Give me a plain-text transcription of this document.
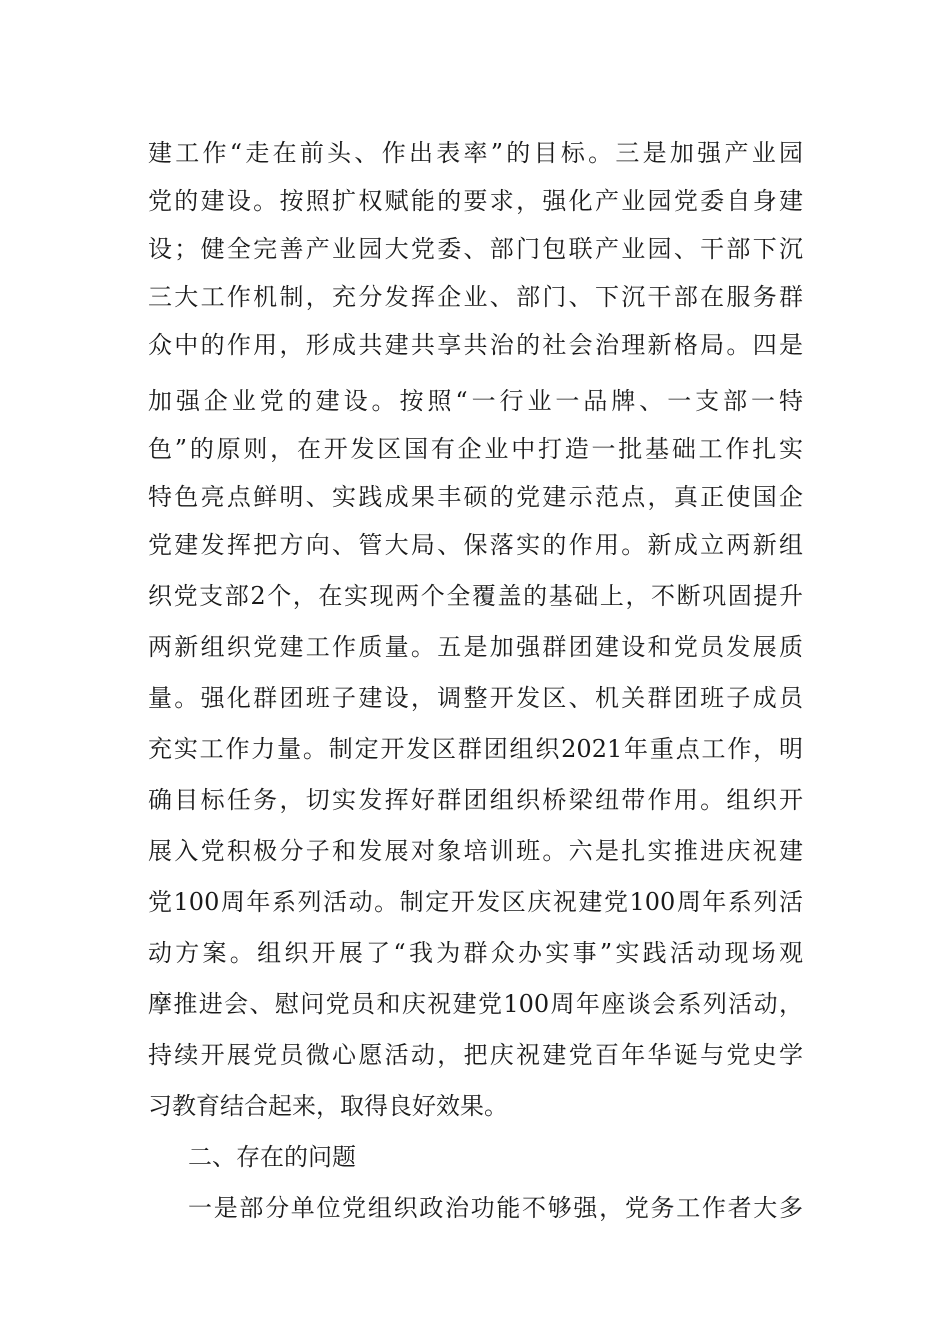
建工作“走在前头、作出表率”的目标。三是加强产业园
党的建设。按照扩权赋能的要求，强化产业园党委自身建
设；健全完善产业园大党委、部门包联产业园、干部下沉
三大工作机制，充分发挥企业、部门、下沉干部在服务群
众中的作用，形成共建共享共治的社会治理新格局。四是
加强企业党的建设。按照“一行业一品牌、一支部一特
色”的原则，在开发区国有企业中打造一批基础工作扎实
特色亮点鲜明、实践成果丰硕的党建示范点，真正使国企
党建发挥把方向、管大局、保落实的作用。新成立两新组
织党支部2个，在实现两个全覆盖的基础上，不断巩固提升
两新组织党建工作质量。五是加强群团建设和党员发展质
量。强化群团班子建设，调整开发区、机关群团班子成员
充实工作力量。制定开发区群团组织2021年重点工作，明
确目标任务，切实发挥好群团组织桥梁纽带作用。组织开
展入党积极分子和发展对象培训班。六是扎实推进庆祝建
党100周年系列活动。制定开发区庆祝建党100周年系列活
动方案。组织开展了“我为群众办实事”实践活动现场观
摩推进会、慰问党员和庆祝建党100周年座谈会系列活动，
持续开展党员微心愿活动，把庆祝建党百年华诞与党史学
习教育结合起来，取得良好效果。
二、存在的问题
一是部分单位党组织政治功能不够强，党务工作者大多
